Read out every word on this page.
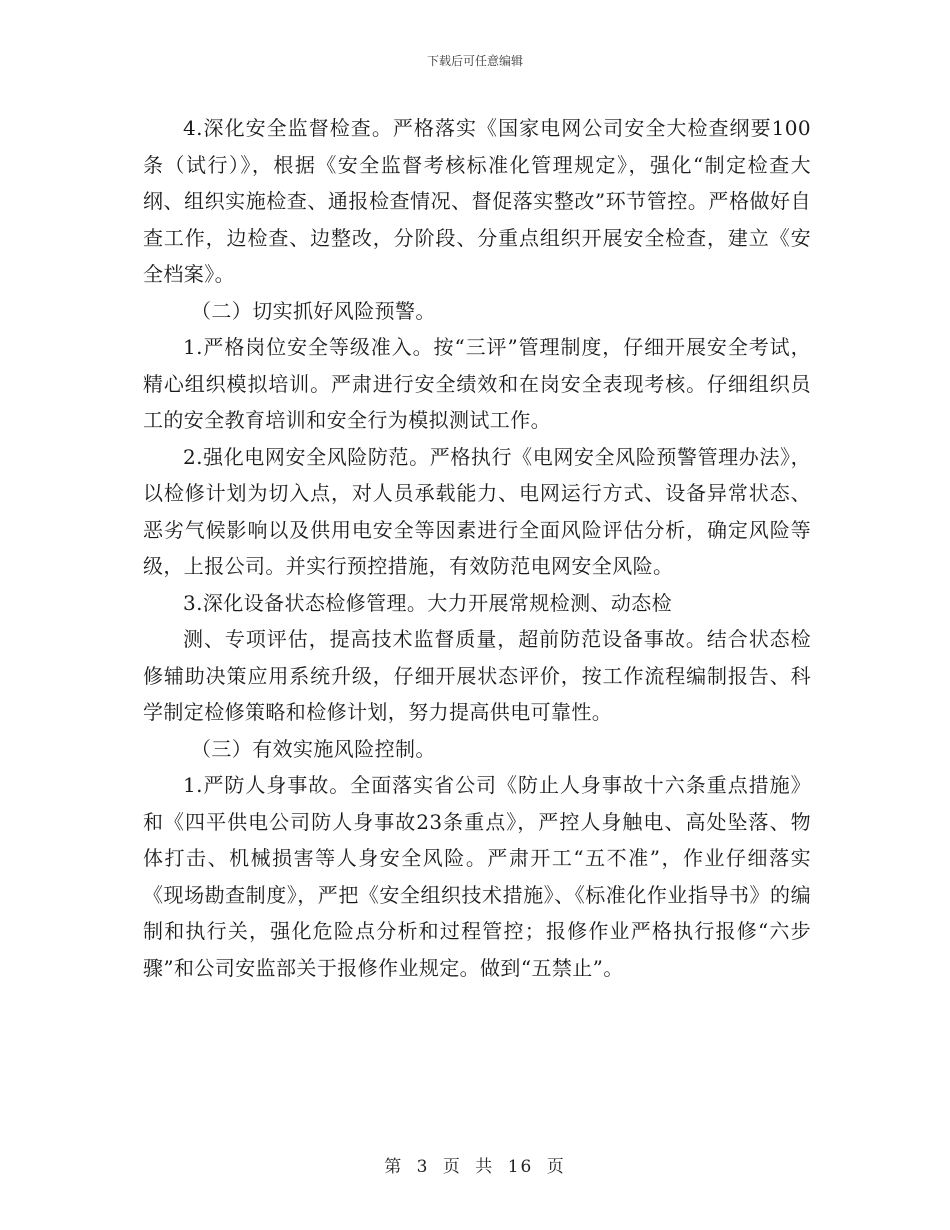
下载后可任意编辑

4.深化安全监督检查。严格落实《国家电网公司安全大检查纲要100条（试行）》，根据《安全监督考核标准化管理规定》，强化“制定检查大纲、组织实施检查、通报检查情况、督促落实整改”环节管控。严格做好自查工作，边检查、边整改，分阶段、分重点组织开展安全检查，建立《安全档案》。

（二）切实抓好风险预警。

1.严格岗位安全等级准入。按“三评”管理制度，仔细开展安全考试，精心组织模拟培训。严肃进行安全绩效和在岗安全表现考核。仔细组织员工的安全教育培训和安全行为模拟测试工作。

2.强化电网安全风险防范。严格执行《电网安全风险预警管理办法》，以检修计划为切入点，对人员承载能力、电网运行方式、设备异常状态、恶劣气候影响以及供用电安全等因素进行全面风险评估分析，确定风险等级，上报公司。并实行预控措施，有效防范电网安全风险。

3.深化设备状态检修管理。大力开展常规检测、动态检

测、专项评估，提高技术监督质量，超前防范设备事故。结合状态检修辅助决策应用系统升级，仔细开展状态评价，按工作流程编制报告、科学制定检修策略和检修计划，努力提高供电可靠性。

（三）有效实施风险控制。

1.严防人身事故。全面落实省公司《防止人身事故十六条重点措施》和《四平供电公司防人身事故23条重点》，严控人身触电、高处坠落、物体打击、机械损害等人身安全风险。严肃开工“五不准”，作业仔细落实《现场勘查制度》，严把《安全组织技术措施》、《标准化作业指导书》的编制和执行关，强化危险点分析和过程管控；报修作业严格执行报修“六步骤”和公司安监部关于报修作业规定。做到“五禁止”。

第 3 页 共 16 页
